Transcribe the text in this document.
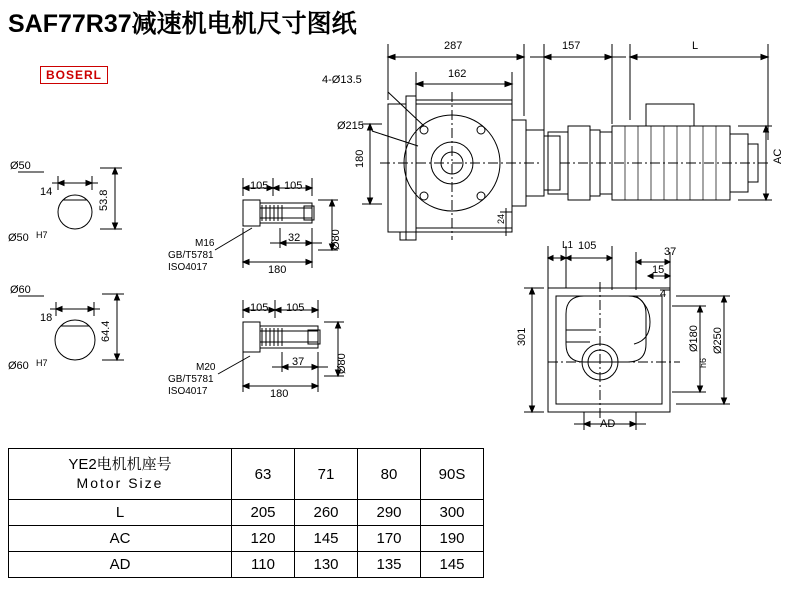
SAF77R37减速机电机尺寸图纸
BOSERL
Ø50
14
Ø50 H7
53.8
Ø60
18
Ø60 H7
64.4
105 105
32
180
Ø80
M16
GB/T5781
ISO4017
105 105
37
180
Ø80
M20
GB/T5781
ISO4017
287
162
157	L
4-Ø13.5
Ø215
180
24
AC
L1 105	37
15
4
301	Ø180
h6
Ø250
AD
YE2电机机座号
Motor Size	63	71	80	90S

L	205	260	290	300
AC	120	145	170	190
AD	110	130	135	145
